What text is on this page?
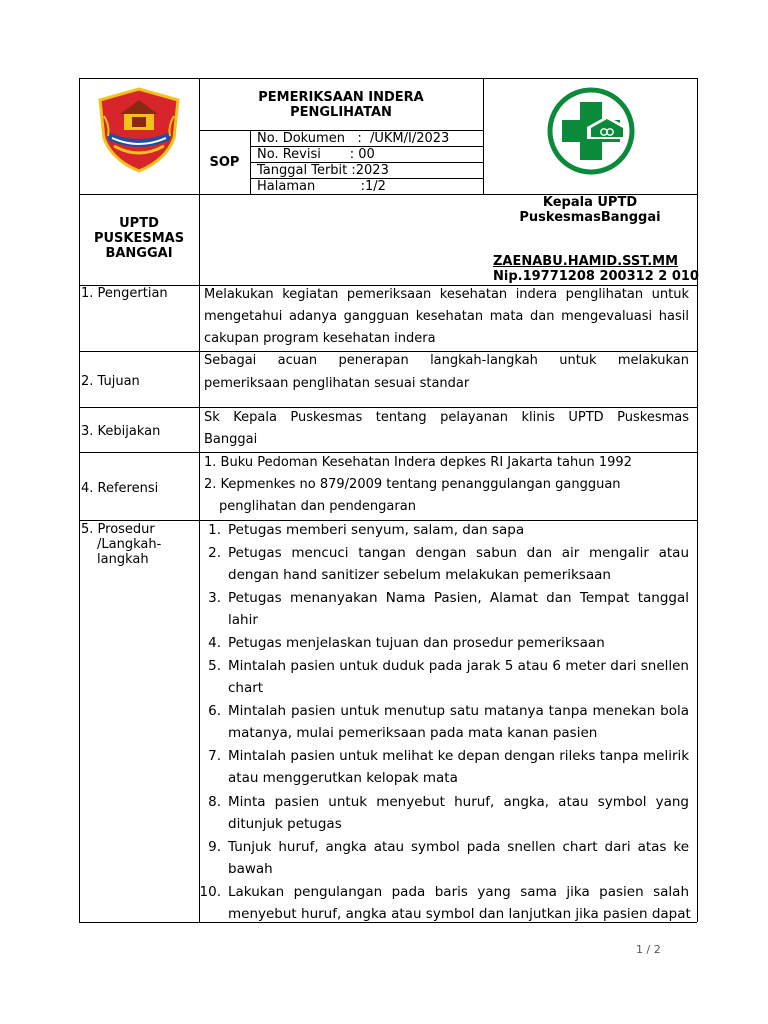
PEMERIKSAAN INDERA
PENGLIHATAN
SOP
No. Dokumen   :  /UKM/I/2023
No. Revisi       : 00
Tanggal Terbit :2023
Halaman           :1/2
UPTD
PUSKESMAS
BANGGAI
Kepala UPTD
PuskesmasBanggai
ZAENABU.HAMID.SST.MM
Nip.19771208 200312 2 010
1. Pengertian	Melakukan kegiatan pemeriksaan kesehatan indera penglihatan untuk
mengetahui adanya gangguan kesehatan mata dan mengevaluasi hasil
cakupan program kesehatan indera
2. Tujuan
Sebagai acuan penerapan langkah-langkah untuk melakukan
pemeriksaan penglihatan sesuai standar
3. Kebijakan
Sk Kepala Puskesmas tentang pelayanan klinis UPTD Puskesmas
Banggai
4. Referensi
1. Buku Pedoman Kesehatan Indera depkes RI Jakarta tahun 1992
2. Kepmenkes no 879/2009 tentang penanggulangan gangguan
penglihatan dan pendengaran
5. Prosedur
/Langkah-
langkah
1. Petugas memberi senyum, salam, dan sapa
2. Petugas mencuci tangan dengan sabun dan air mengalir atau
dengan hand sanitizer sebelum melakukan pemeriksaan
3. Petugas menanyakan Nama Pasien, Alamat dan Tempat tanggal
lahir
4. Petugas menjelaskan tujuan dan prosedur pemeriksaan
5. Mintalah pasien untuk duduk pada jarak 5 atau 6 meter dari snellen
chart
6. Mintalah pasien untuk menutup satu matanya tanpa menekan bola
matanya, mulai pemeriksaan pada mata kanan pasien
7. Mintalah pasien untuk melihat ke depan dengan rileks tanpa melirik
atau menggerutkan kelopak mata
8. Minta pasien untuk menyebut huruf, angka, atau symbol yang
ditunjuk petugas
9. Tunjuk huruf, angka atau symbol pada snellen chart dari atas ke
bawah
10. Lakukan pengulangan pada baris yang sama jika pasien salah
menyebut huruf, angka atau symbol dan lanjutkan jika pasien dapat
1 / 2
